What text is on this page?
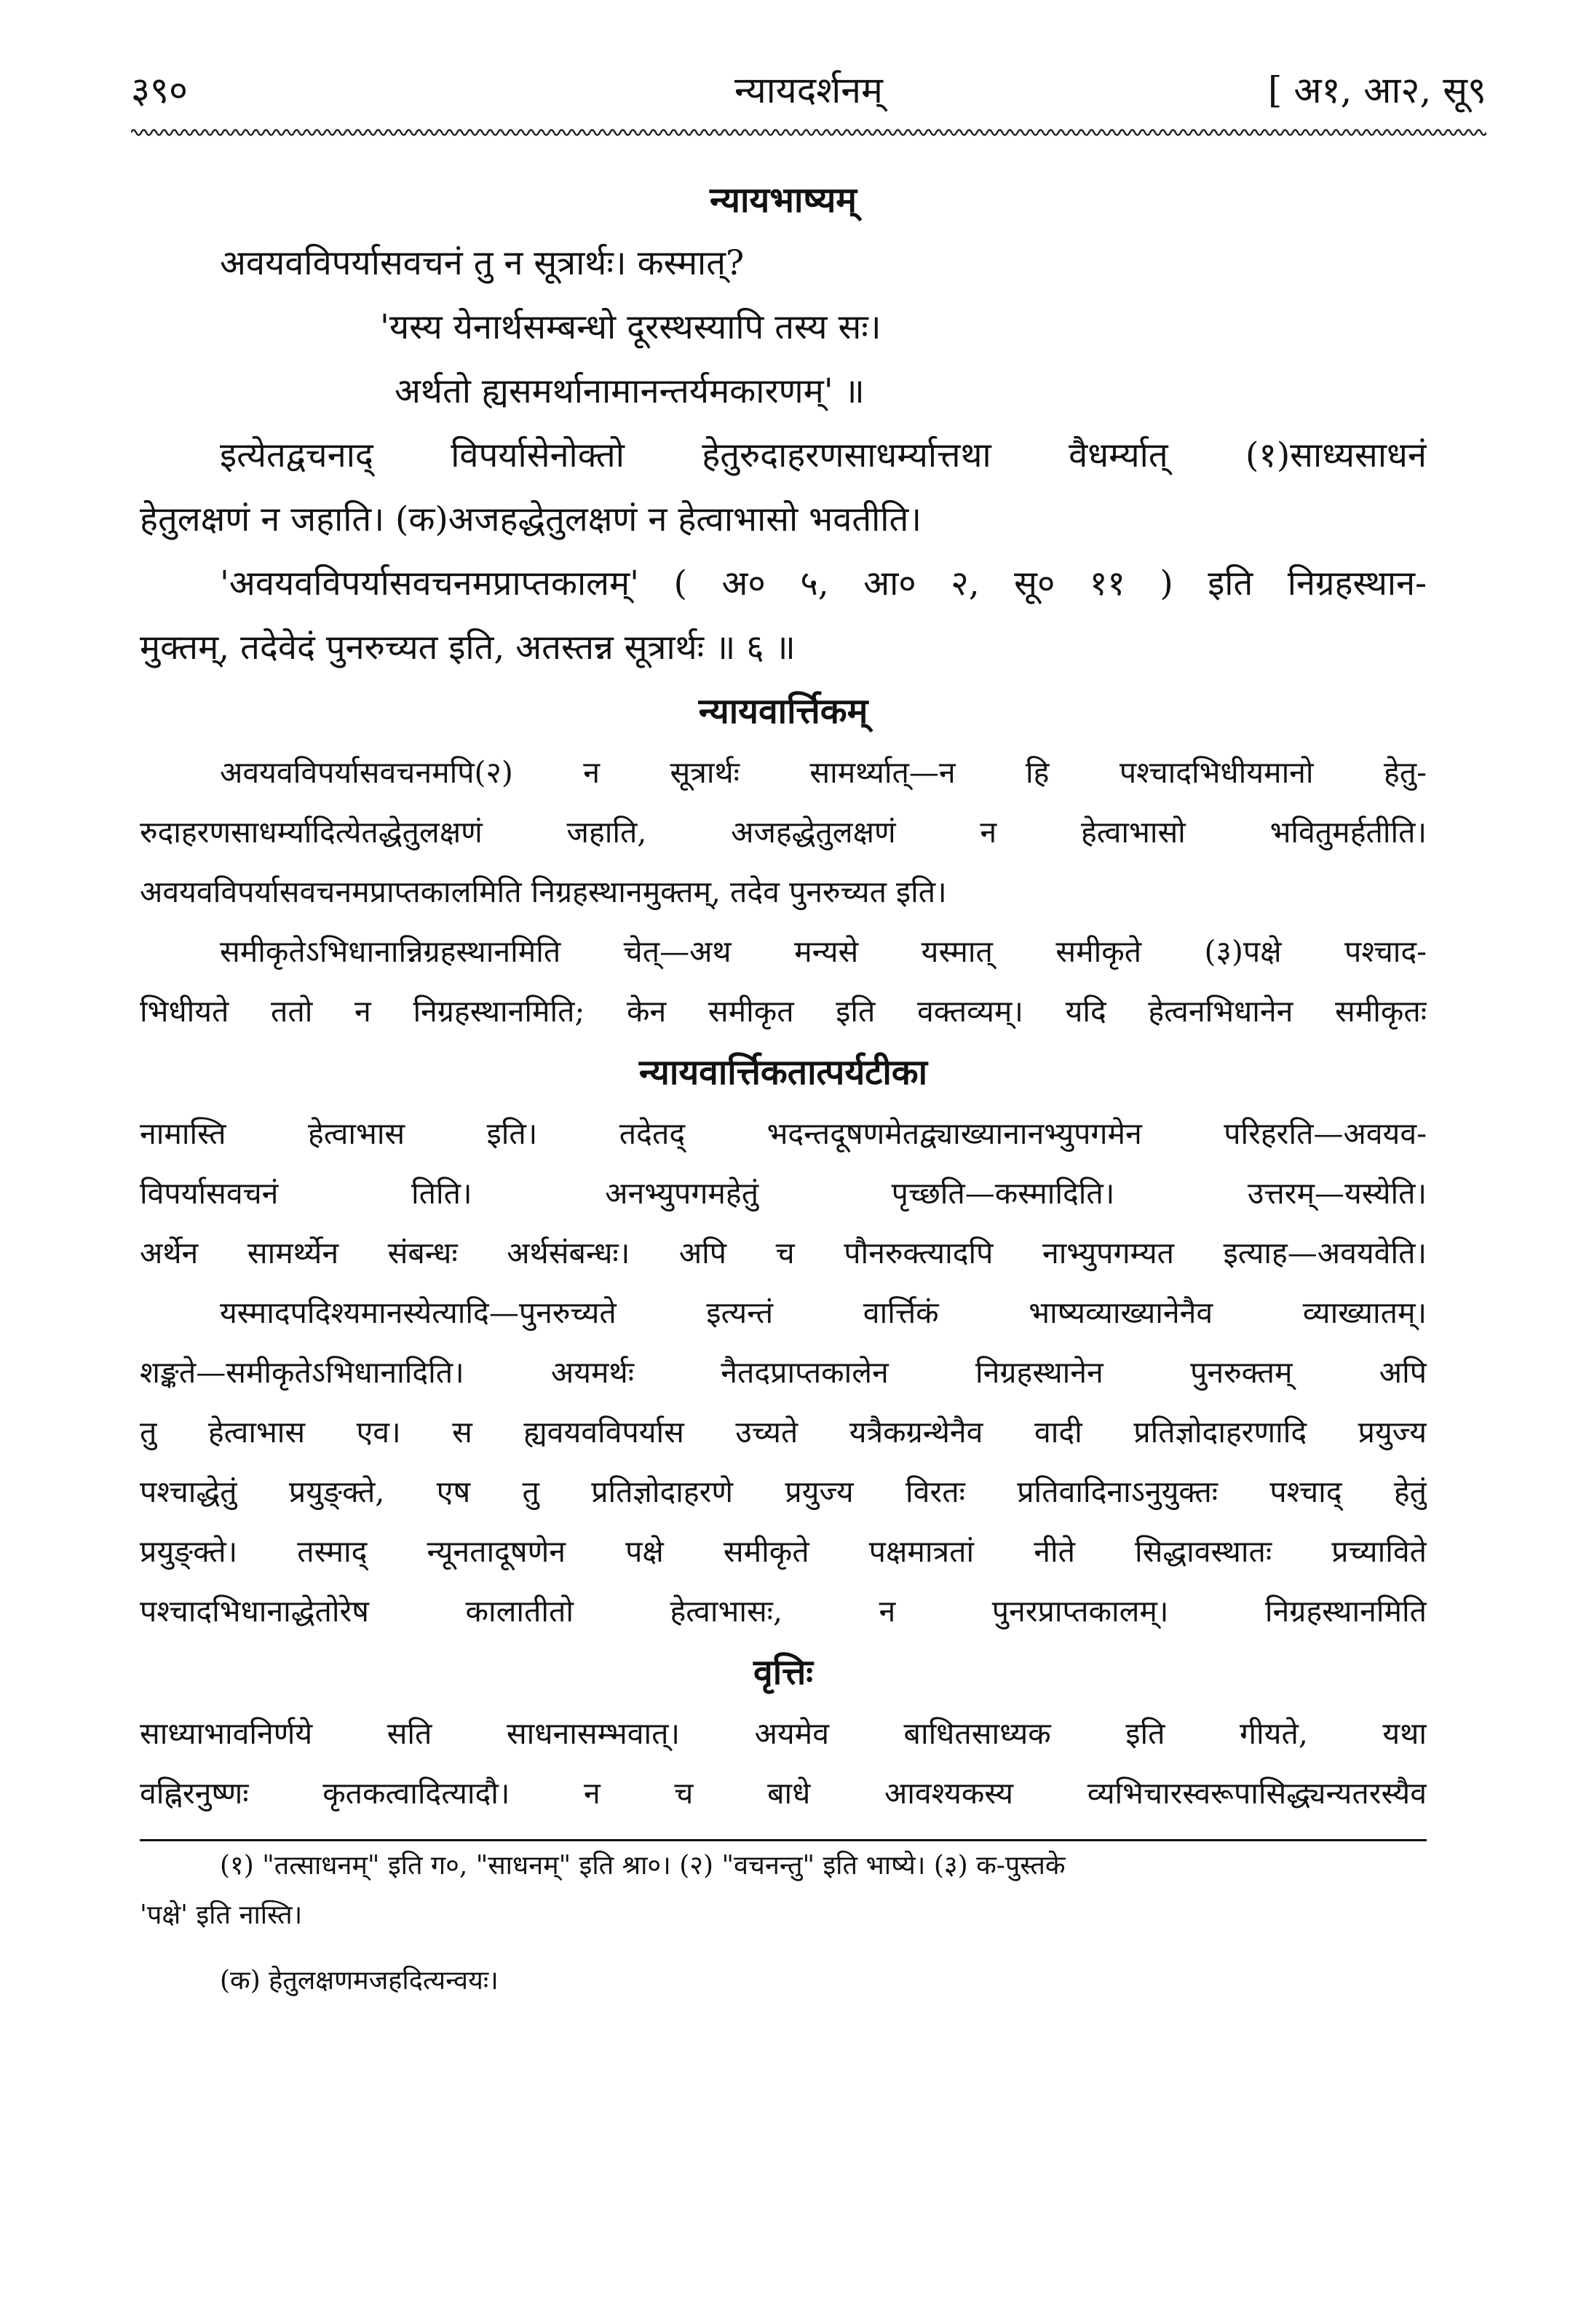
३९०	न्यायदर्शनम्	[ अ१, आ२, सू९
न्यायभाष्यम्
अवयवविपर्यासवचनं तु न सूत्रार्थः। कस्मात्?
'यस्य येनार्थसम्बन्धो दूरस्थस्यापि तस्य सः।
अर्थतो ह्यसमर्थानामानन्तर्यमकारणम्' ॥
इत्येतद्वचनाद् विपर्यासेनोक्तो हेतुरुदाहरणसाधर्म्यात्तथा वैधर्म्यात् (१)साध्यसाधनं
हेतुलक्षणं न जहाति। (क)अजहद्धेतुलक्षणं न हेत्वाभासो भवतीति।
'अवयवविपर्यासवचनमप्राप्तकालम्' ( अ० ५, आ० २, सू० ११ ) इति निग्रहस्थान-
मुक्तम्, तदेवेदं पुनरुच्यत इति, अतस्तन्न सूत्रार्थः ॥ ६ ॥
न्यायवार्त्तिकम्
अवयवविपर्यासवचनमपि(२) न सूत्रार्थः सामर्थ्यात्—न हि पश्चादभिधीयमानो हेतु-
रुदाहरणसाधर्म्यादित्येतद्धेतुलक्षणं जहाति, अजहद्धेतुलक्षणं न हेत्वाभासो भवितुमर्हतीति।
अवयवविपर्यासवचनमप्राप्तकालमिति निग्रहस्थानमुक्तम्, तदेव पुनरुच्यत इति।
समीकृतेऽभिधानान्निग्रहस्थानमिति चेत्—अथ मन्यसे यस्मात् समीकृते (३)पक्षे पश्चाद-
भिधीयते ततो न निग्रहस्थानमिति; केन समीकृत इति वक्तव्यम्। यदि हेत्वनभिधानेन समीकृतः
न्यायवार्त्तिकतात्पर्यटीका
नामास्ति हेत्वाभास इति। तदेतद् भदन्तदूषणमेतद्व्याख्यानानभ्युपगमेन परिहरति—अवयव-
विपर्यासवचनं तिति। अनभ्युपगमहेतुं पृच्छति—कस्मादिति। उत्तरम्—यस्येति।
अर्थेन सामर्थ्येन संबन्धः अर्थसंबन्धः। अपि च पौनरुक्त्यादपि नाभ्युपगम्यत इत्याह—अवयवेति।
यस्मादपदिश्यमानस्येत्यादि—पुनरुच्यते इत्यन्तं वार्त्तिकं भाष्यव्याख्यानेनैव व्याख्यातम्।
शङ्कते—समीकृतेऽभिधानादिति। अयमर्थः नैतदप्राप्तकालेन निग्रहस्थानेन पुनरुक्तम् अपि
तु हेत्वाभास एव। स ह्यवयवविपर्यास उच्यते यत्रैकग्रन्थेनैव वादी प्रतिज्ञोदाहरणादि प्रयुज्य
पश्चाद्धेतुं प्रयुङ्क्ते, एष तु प्रतिज्ञोदाहरणे प्रयुज्य विरतः प्रतिवादिनाऽनुयुक्तः पश्चाद् हेतुं
प्रयुङ्क्ते। तस्माद् न्यूनतादूषणेन पक्षे समीकृते पक्षमात्रतां नीते सिद्धावस्थातः प्रच्याविते
पश्चादभिधानाद्धेतोरेष कालातीतो हेत्वाभासः, न पुनरप्राप्तकालम्। निग्रहस्थानमिति
वृत्तिः
साध्याभावनिर्णये सति साधनासम्भवात्। अयमेव बाधितसाध्यक इति गीयते, यथा
वह्निरनुष्णः कृतकत्वादित्यादौ। न च बाधे आवश्यकस्य व्यभिचारस्वरूपासिद्ध्यन्यतरस्यैव
(१) "तत्साधनम्" इति ग०, "साधनम्" इति श्रा०। (२) "वचनन्तु" इति भाष्ये। (३) क-पुस्तके
'पक्षे' इति नास्ति।
(क) हेतुलक्षणमजहदित्यन्वयः।
